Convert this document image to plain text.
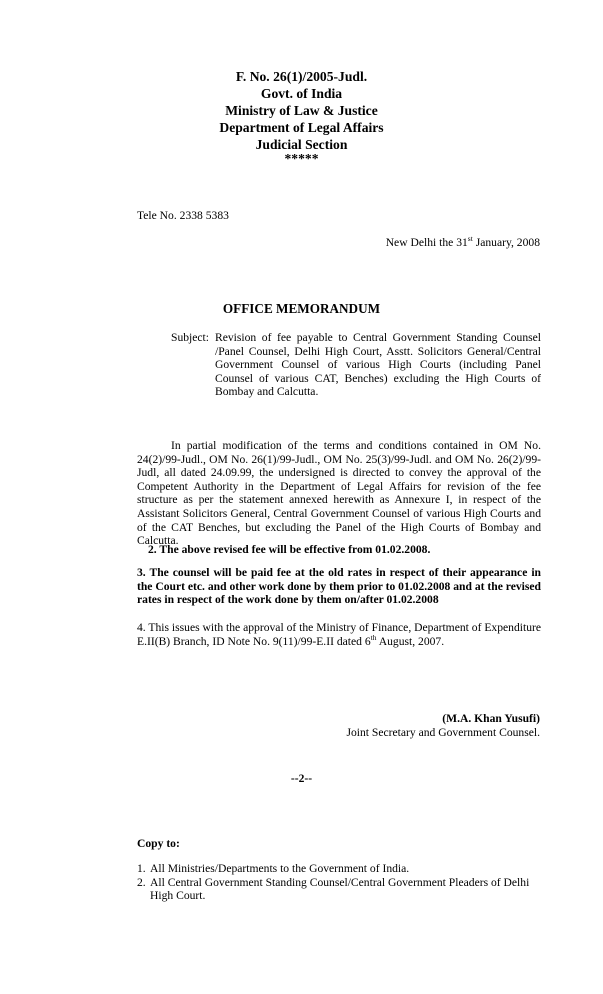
F. No. 26(1)/2005-Judl.
Govt. of India
Ministry of Law & Justice
Department of Legal Affairs
Judicial Section
*****
Tele No. 2338 5383
New Delhi the 31st January, 2008
OFFICE MEMORANDUM
Subject: Revision of fee payable to Central Government Standing Counsel /Panel Counsel, Delhi High Court, Asstt. Solicitors General/Central Government Counsel of various High Courts (including Panel Counsel of various CAT, Benches) excluding the High Courts of Bombay and Calcutta.
In partial modification of the terms and conditions contained in OM No. 24(2)/99-Judl., OM No. 26(1)/99-Judl., OM No. 25(3)/99-Judl. and OM No. 26(2)/99-Judl, all dated 24.09.99, the undersigned is directed to convey the approval of the Competent Authority in the Department of Legal Affairs for revision of the fee structure as per the statement annexed herewith as Annexure I, in respect of the Assistant Solicitors General, Central Government Counsel of various High Courts and of the CAT Benches, but excluding the Panel of the High Courts of Bombay and Calcutta.
2. The above revised fee will be effective from 01.02.2008.
3. The counsel will be paid fee at the old rates in respect of their appearance in the Court etc. and other work done by them prior to 01.02.2008 and at the revised rates in respect of the work done by them on/after 01.02.2008
4. This issues with the approval of the Ministry of Finance, Department of Expenditure E.II(B) Branch, ID Note No. 9(11)/99-E.II dated 6th August, 2007.
(M.A. Khan Yusufi)
Joint Secretary and Government Counsel.
--2--
Copy to:
1. All Ministries/Departments to the Government of India.
2. All Central Government Standing Counsel/Central Government Pleaders of Delhi High Court.
